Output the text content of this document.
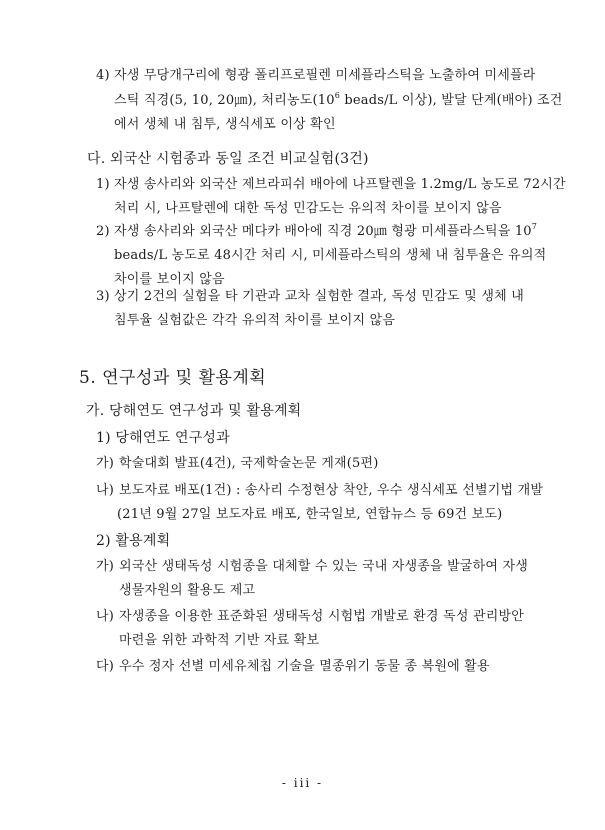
4) 자생 무당개구리에 형광 폴리프로필렌 미세플라스틱을 노출하여 미세플라
스틱 직경(5, 10, 20㎛), 처리농도($10^6$ beads/L 이상), 발달 단계(배아) 조건
에서 생체 내 침투, 생식세포 이상 확인
다. 외국산 시험종과 동일 조건 비교실험(3건)
1) 자생 송사리와 외국산 제브라피쉬 배아에 나프탈렌을 1.2mg/L 농도로 72시간
처리 시, 나프탈렌에 대한 독성 민감도는 유의적 차이를 보이지 않음
2) 자생 송사리와 외국산 메다카 배아에 직경 20㎛ 형광 미세플라스틱을 $10^7$
beads/L 농도로 48시간 처리 시, 미세플라스틱의 생체 내 침투율은 유의적
차이를 보이지 않음
3) 상기 2건의 실험을 타 기관과 교차 실험한 결과, 독성 민감도 및 생체 내
침투율 실험값은 각각 유의적 차이를 보이지 않음
5. 연구성과 및 활용계획
가. 당해연도 연구성과 및 활용계획
1) 당해연도 연구성과
가) 학술대회 발표(4건), 국제학술논문 게재(5편)
나) 보도자료 배포(1건) : 송사리 수정현상 착안, 우수 생식세포 선별기법 개발
(21년 9월 27일 보도자료 배포, 한국일보, 연합뉴스 등 69건 보도)
2) 활용계획
가) 외국산 생태독성 시험종을 대체할 수 있는 국내 자생종을 발굴하여 자생
생물자원의 활용도 제고
나) 자생종을 이용한 표준화된 생태독성 시험법 개발로 환경 독성 관리방안
마련을 위한 과학적 기반 자료 확보
다) 우수 정자 선별 미세유체칩 기술을 멸종위기 동물 종 복원에 활용
- iii -
